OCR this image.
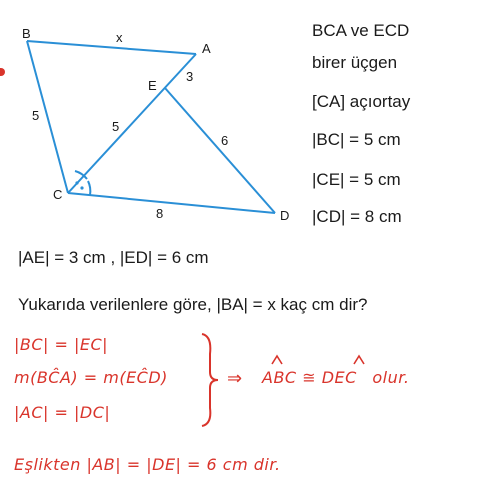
B
A
E
C
D
x
3
5
5
6
8
BCA ve ECD
birer üçgen
[CA] açıortay
|BC| = 5 cm
|CE| = 5 cm
|CD| = 8 cm
|AE| = 3 cm , |ED| = 6 cm
Yukarıda verilenlere göre, |BA| = x kaç cm dir?
|BC| = |EC|
m(BĈA) = m(EĈD)
|AC| = |DC|
⇒ ABC ≅ DEC olur.
Eşlikten |AB| = |DE| = 6 cm dir.
